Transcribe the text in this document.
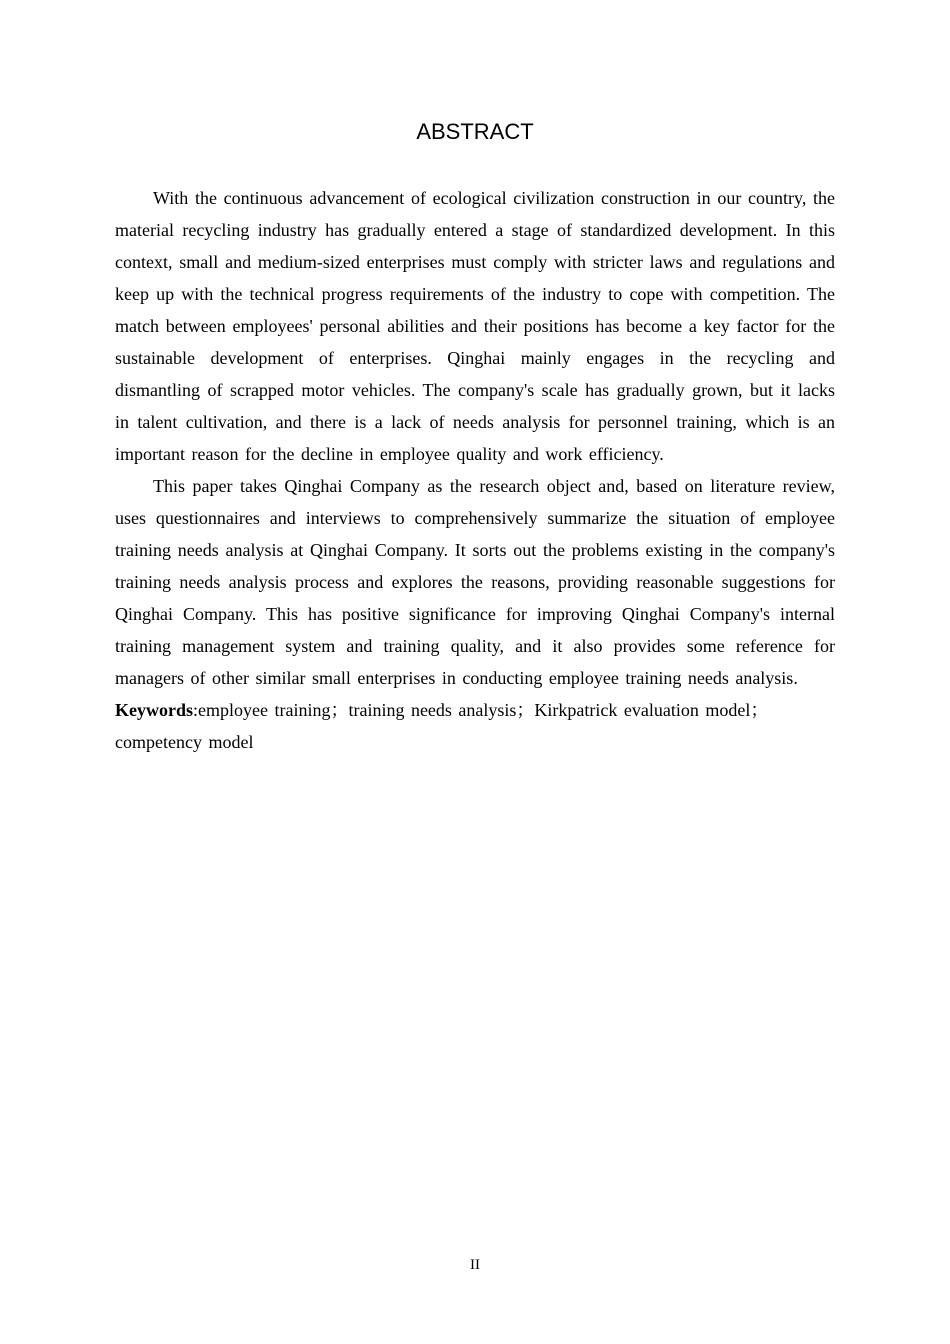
ABSTRACT

With the continuous advancement of ecological civilization construction in our country, the material recycling industry has gradually entered a stage of standardized development. In this context, small and medium-sized enterprises must comply with stricter laws and regulations and keep up with the technical progress requirements of the industry to cope with competition. The match between employees' personal abilities and their positions has become a key factor for the sustainable development of enterprises. Qinghai mainly engages in the recycling and dismantling of scrapped motor vehicles. The company's scale has gradually grown, but it lacks in talent cultivation, and there is a lack of needs analysis for personnel training, which is an important reason for the decline in employee quality and work efficiency.

This paper takes Qinghai Company as the research object and, based on literature review, uses questionnaires and interviews to comprehensively summarize the situation of employee training needs analysis at Qinghai Company. It sorts out the problems existing in the company's training needs analysis process and explores the reasons, providing reasonable suggestions for Qinghai Company. This has positive significance for improving Qinghai Company's internal training management system and training quality, and it also provides some reference for managers of other similar small enterprises in conducting employee training needs analysis.

Keywords:employee training；training needs analysis；Kirkpatrick evaluation model；competency model

II
